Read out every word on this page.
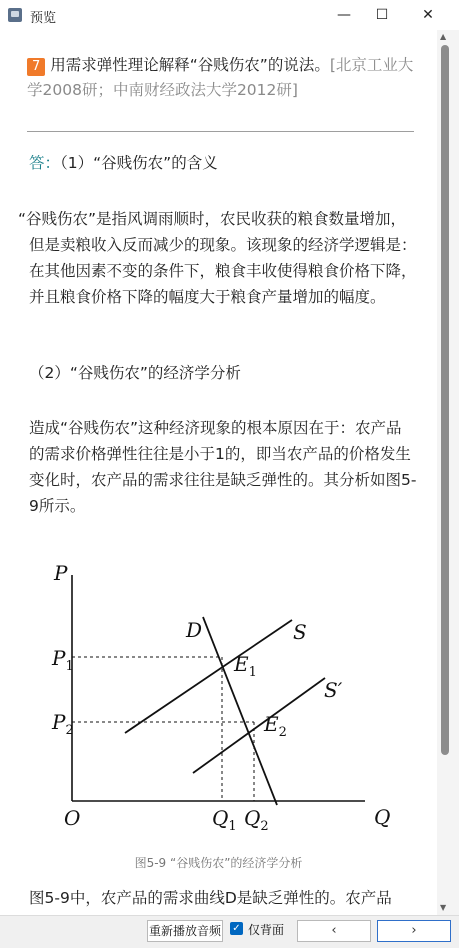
预览	—	☐	✕
7 用需求弹性理论解释“谷贱伤农”的说法。[北京工业大学2008研；中南财经政法大学2012研]
答：（1）“谷贱伤农”的含义
“谷贱伤农”是指风调雨顺时，农民收获的粮食数量增加，但是卖粮收入反而减少的现象。该现象的经济学逻辑是：在其他因素不变的条件下，粮食丰收使得粮食价格下降，并且粮食价格下降的幅度大于粮食产量增加的幅度。
（2）“谷贱伤农”的经济学分析
造成“谷贱伤农”这种经济现象的根本原因在于：农产品的需求价格弹性往往是小于1的，即当农产品的价格发生变化时，农产品的需求往往是缺乏弹性的。其分析如图5-9所示。
P
Q
O
D	S
S′
$P_1$
$P_2$
$Q_1$ $Q_2$
$E_1$
$E_2$
图5-9 “谷贱伤农”的经济学分析
图5-9中，农产品的需求曲线D是缺乏弹性的。农产品
▲
▼
重新播放音频 ✓ 仅背面	‹	›
